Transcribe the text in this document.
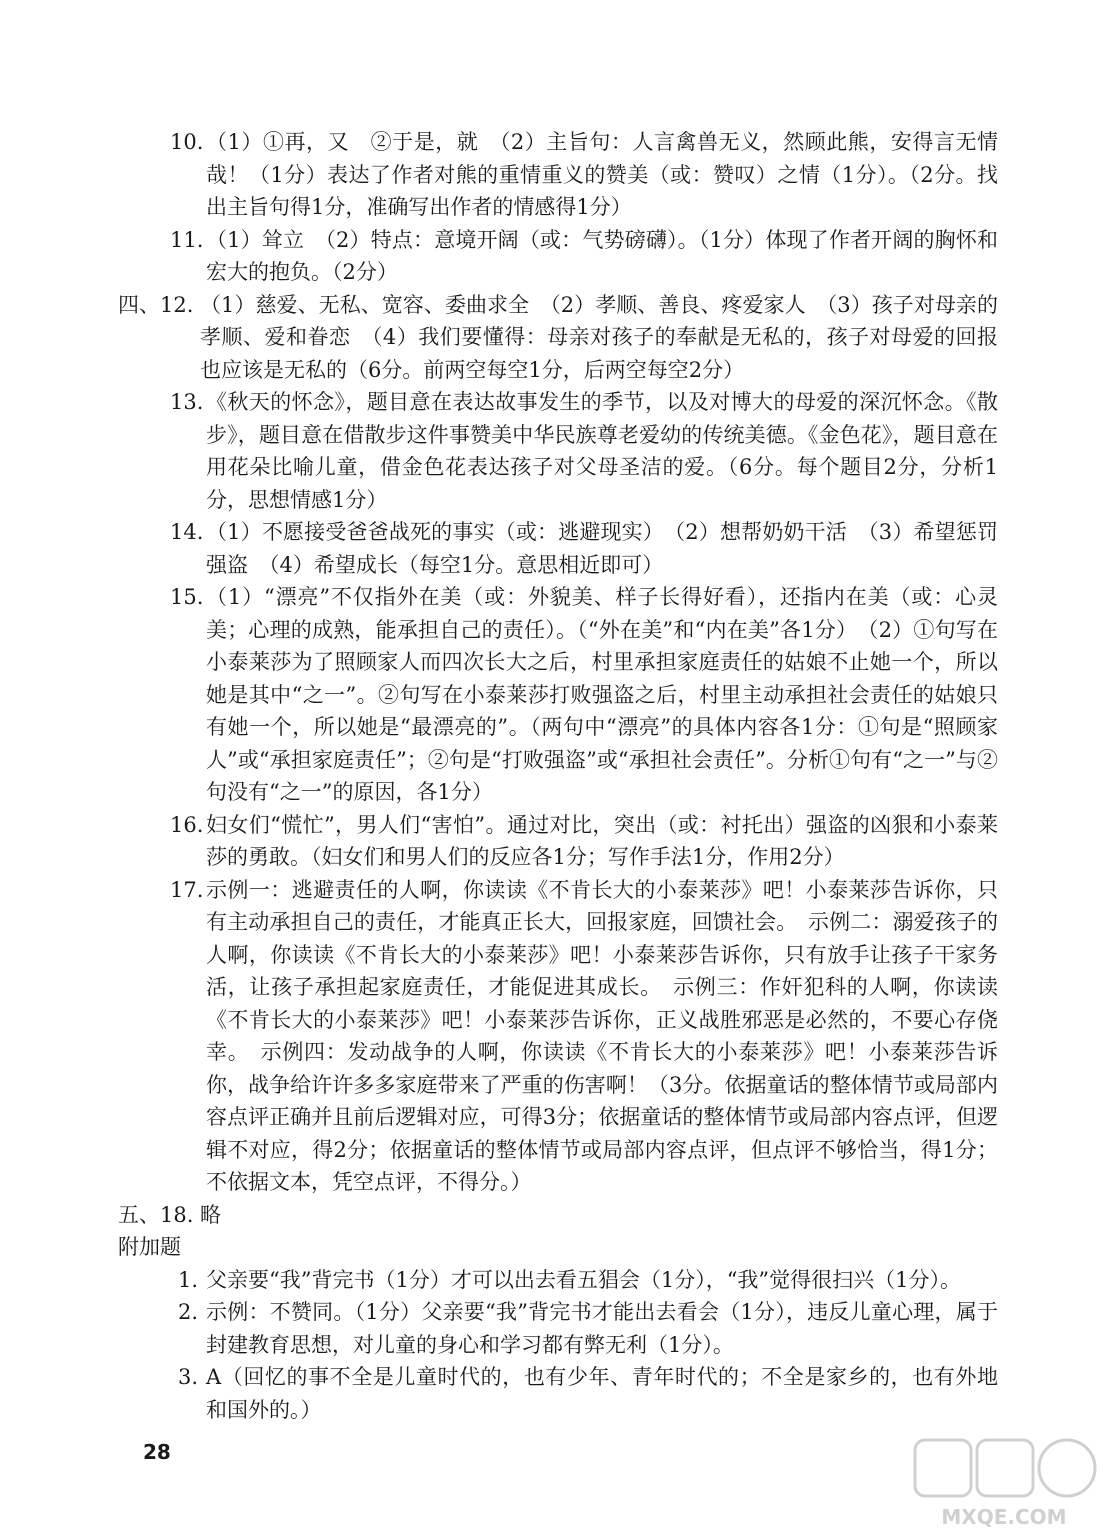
10. （1）①再，又　②于是，就　（2）主旨句：人言禽兽无义，然顾此熊，安得言无情哉！（1分）表达了作者对熊的重情重义的赞美（或：赞叹）之情（1分）。（2分。找出主旨句得1分，准确写出作者的情感得1分）
11. （1）耸立　（2）特点：意境开阔（或：气势磅礴）。（1分）体现了作者开阔的胸怀和宏大的抱负。（2分）
四、12. （1）慈爱、无私、宽容、委曲求全　（2）孝顺、善良、疼爱家人　（3）孩子对母亲的孝顺、爱和眷恋　（4）我们要懂得：母亲对孩子的奉献是无私的，孩子对母爱的回报也应该是无私的（6分。前两空每空1分，后两空每空2分）
13. 《秋天的怀念》，题目意在表达故事发生的季节，以及对博大的母爱的深沉怀念。《散步》，题目意在借散步这件事赞美中华民族尊老爱幼的传统美德。《金色花》，题目意在用花朵比喻儿童，借金色花表达孩子对父母圣洁的爱。（6分。每个题目2分，分析1分，思想情感1分）
14. （1）不愿接受爸爸战死的事实（或：逃避现实）　（2）想帮奶奶干活　（3）希望惩罚强盗　（4）希望成长（每空1分。意思相近即可）
15. （1）“漂亮”不仅指外在美（或：外貌美、样子长得好看），还指内在美（或：心灵美；心理的成熟，能承担自己的责任）。（“外在美”和“内在美”各1分）　（2）①句写在小泰莱莎为了照顾家人而四次长大之后，村里承担家庭责任的姑娘不止她一个，所以她是其中“之一”。②句写在小泰莱莎打败强盗之后，村里主动承担社会责任的姑娘只有她一个，所以她是“最漂亮的”。（两句中“漂亮”的具体内容各1分：①句是“照顾家人”或“承担家庭责任”；②句是“打败强盗”或“承担社会责任”。分析①句有“之一”与②句没有“之一”的原因，各1分）
16. 妇女们“慌忙”，男人们“害怕”。通过对比，突出（或：衬托出）强盗的凶狠和小泰莱莎的勇敢。（妇女们和男人们的反应各1分；写作手法1分，作用2分）
17. 示例一：逃避责任的人啊，你读读《不肯长大的小泰莱莎》吧！小泰莱莎告诉你，只有主动承担自己的责任，才能真正长大，回报家庭，回馈社会。　示例二：溺爱孩子的人啊，你读读《不肯长大的小泰莱莎》吧！小泰莱莎告诉你，只有放手让孩子干家务活，让孩子承担起家庭责任，才能促进其成长。　示例三：作奸犯科的人啊，你读读《不肯长大的小泰莱莎》吧！小泰莱莎告诉你，正义战胜邪恶是必然的，不要心存侥幸。　示例四：发动战争的人啊，你读读《不肯长大的小泰莱莎》吧！小泰莱莎告诉你，战争给许许多多家庭带来了严重的伤害啊！（3分。依据童话的整体情节或局部内容点评正确并且前后逻辑对应，可得3分；依据童话的整体情节或局部内容点评，但逻辑不对应，得2分；依据童话的整体情节或局部内容点评，但点评不够恰当，得1分；不依据文本，凭空点评，不得分。）
五、18. 略
附加题
1. 父亲要“我”背完书（1分）才可以出去看五猖会（1分），“我”觉得很扫兴（1分）。
2. 示例：不赞同。（1分）父亲要“我”背完书才能出去看会（1分），违反儿童心理，属于封建教育思想，对儿童的身心和学习都有弊无利（1分）。
3. A（回忆的事不全是儿童时代的，也有少年、青年时代的；不全是家乡的，也有外地和国外的。）
28
MXQE.COM
